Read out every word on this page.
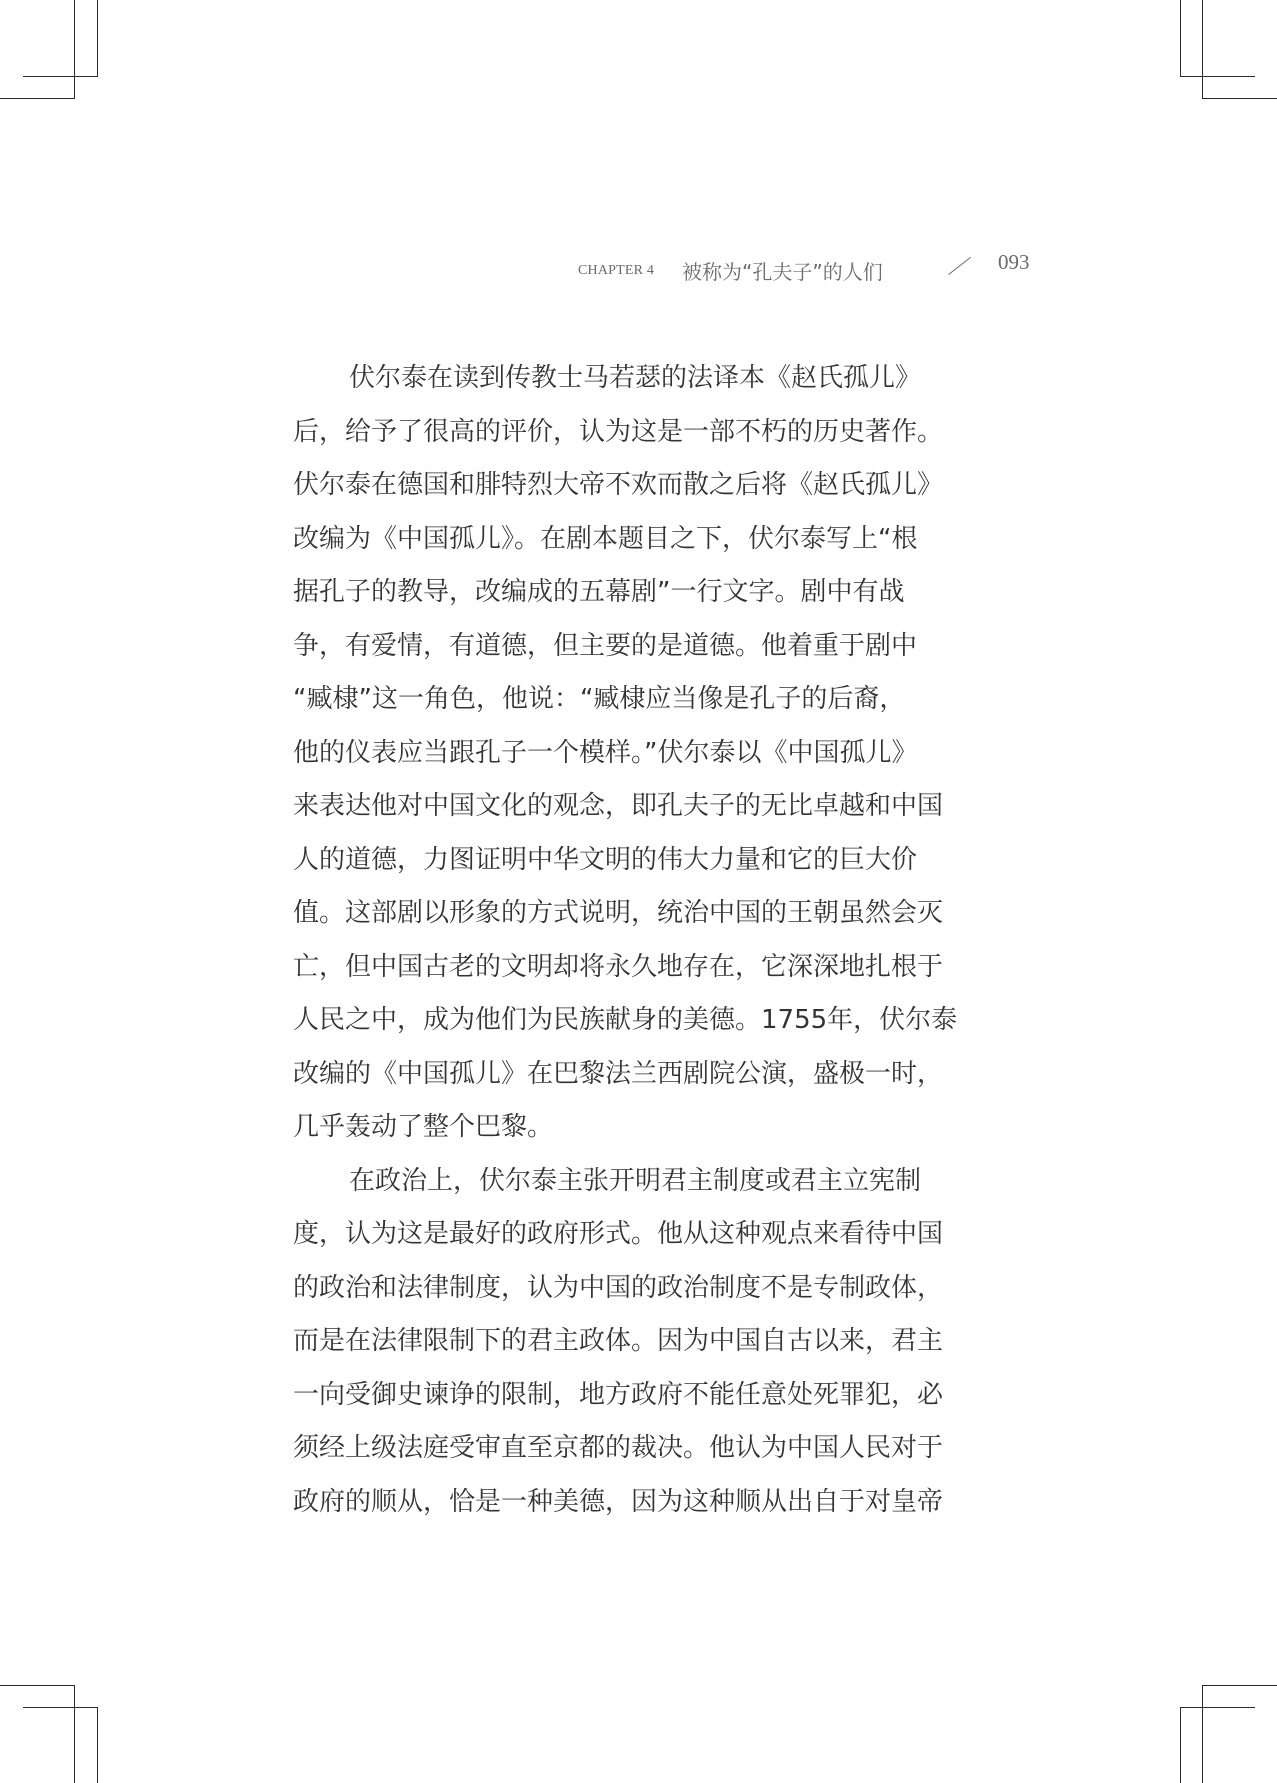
CHAPTER 4 被称为“孔夫子”的人们	093
伏尔泰在读到传教士马若瑟的法译本《赵氏孤儿》
后，给予了很高的评价，认为这是一部不朽的历史著作。
伏尔泰在德国和腓特烈大帝不欢而散之后将《赵氏孤儿》
改编为《中国孤儿》。在剧本题目之下，伏尔泰写上“根
据孔子的教导，改编成的五幕剧”一行文字。剧中有战
争，有爱情，有道德，但主要的是道德。他着重于剧中
“臧棣”这一角色，他说：“臧棣应当像是孔子的后裔，
他的仪表应当跟孔子一个模样。”伏尔泰以《中国孤儿》
来表达他对中国文化的观念，即孔夫子的无比卓越和中国
人的道德，力图证明中华文明的伟大力量和它的巨大价
值。这部剧以形象的方式说明，统治中国的王朝虽然会灭
亡，但中国古老的文明却将永久地存在，它深深地扎根于
人民之中，成为他们为民族献身的美德。1755年，伏尔泰
改编的《中国孤儿》在巴黎法兰西剧院公演，盛极一时，
几乎轰动了整个巴黎。
在政治上，伏尔泰主张开明君主制度或君主立宪制
度，认为这是最好的政府形式。他从这种观点来看待中国
的政治和法律制度，认为中国的政治制度不是专制政体，
而是在法律限制下的君主政体。因为中国自古以来，君主
一向受御史谏诤的限制，地方政府不能任意处死罪犯，必
须经上级法庭受审直至京都的裁决。他认为中国人民对于
政府的顺从，恰是一种美德，因为这种顺从出自于对皇帝
